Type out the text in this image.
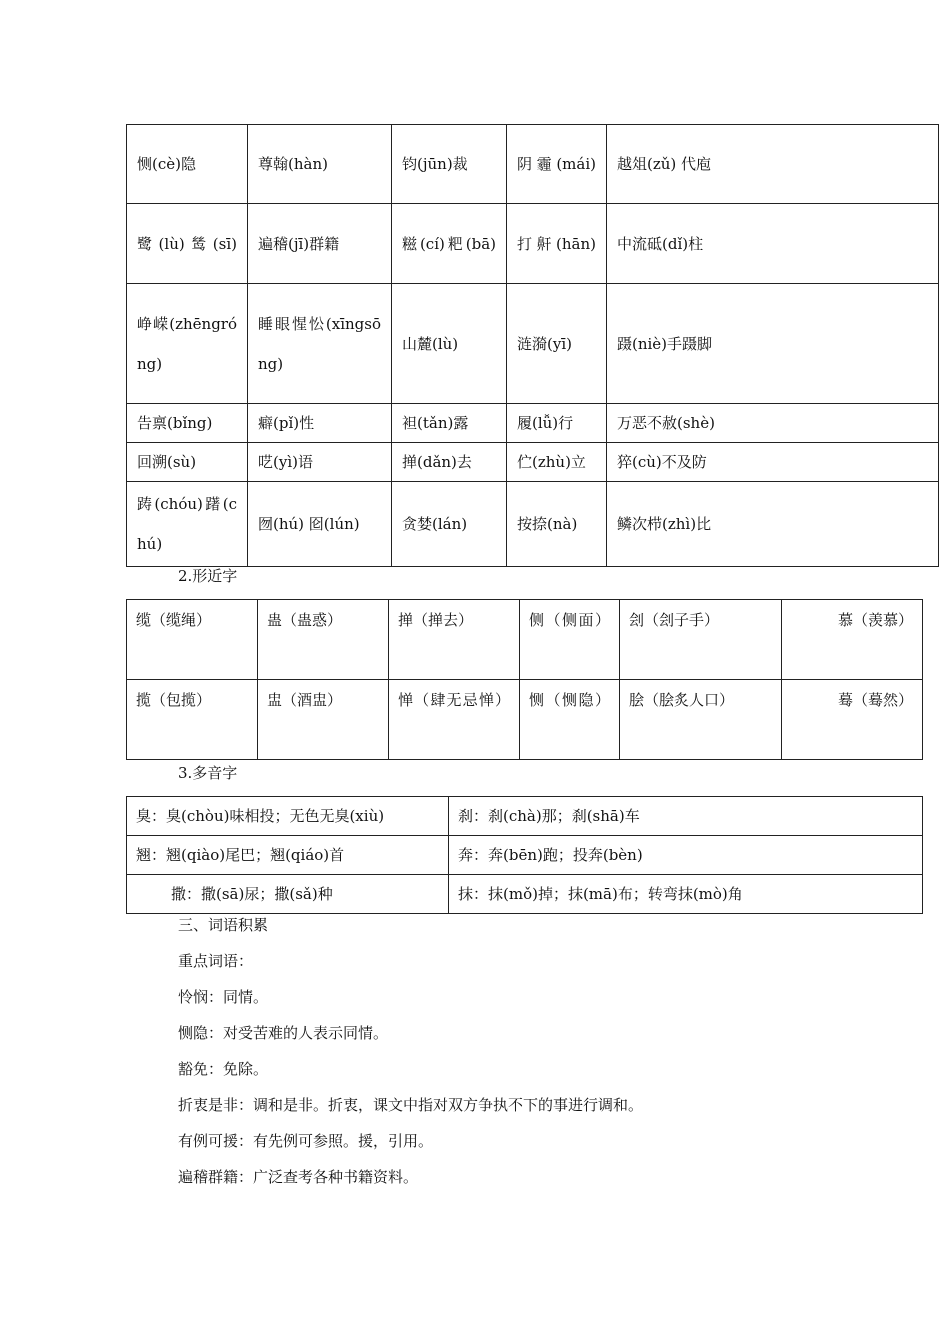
恻(cè)隐	尊翰(hàn)	钧(jūn)裁	阴霾(mái)	越俎(zǔ) 代庖
鹭(lù)鸶(sī)	遍稽(jī)群籍	糍(cí)粑(bā)	打鼾(hān)	中流砥(dǐ)柱
峥嵘(zhēngróng)	睡眼惺忪(xīngsōng)	山麓(lù)	涟漪(yī)	蹑(niè)手蹑脚
告禀(bǐng)	癖(pǐ)性	袒(tǎn)露	履(lǚ)行	万恶不赦(shè)
回溯(sù)	呓(yì)语	掸(dǎn)去	伫(zhù)立	猝(cù)不及防
踌(chóu)躇(chú)	囫(hú) 囵(lún)	贪婪(lán)	按捺(nà)	鳞次栉(zhì)比
2.形近字
缆（缆绳）	蛊（蛊惑）	掸（掸去）	侧（侧面）	刽（刽子手）	慕（羡慕）
揽（包揽）	盅（酒盅）	惮（肆无忌惮）	恻（恻隐）	脍（脍炙人口）	蓦（蓦然）
3.多音字
臭：臭(chòu)味相投；无色无臭(xiù)	刹：刹(chà)那；刹(shā)车
翘：翘(qiào)尾巴；翘(qiáo)首	奔：奔(bēn)跑；投奔(bèn)
撒：撒(sā)尿；撒(sǎ)种	抹：抹(mǒ)掉；抹(mā)布；转弯抹(mò)角
三、词语积累
重点词语：
怜悯：同情。
恻隐：对受苦难的人表示同情。
豁免：免除。
折衷是非：调和是非。折衷，课文中指对双方争执不下的事进行调和。
有例可援：有先例可参照。援，引用。
遍稽群籍：广泛查考各种书籍资料。
